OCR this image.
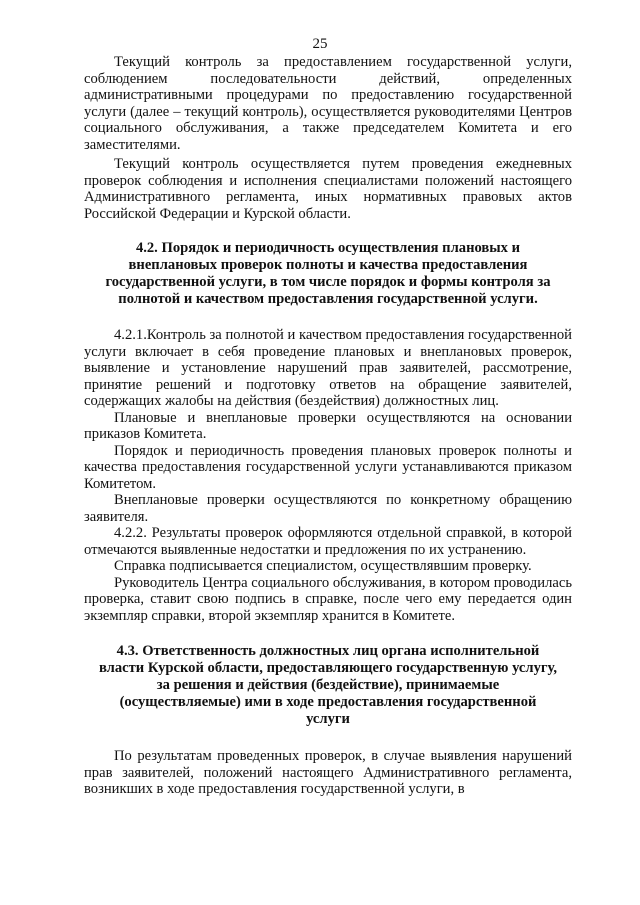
25

Текущий контроль за предоставлением государственной услуги, соблюдением последовательности действий, определенных административными процедурами по предоставлению государственной услуги (далее – текущий контроль), осуществляется руководителями Центров социального обслуживания, а также председателем Комитета и его заместителями.

Текущий контроль осуществляется путем проведения ежедневных проверок соблюдения и исполнения специалистами положений настоящего Административного регламента, иных нормативных правовых актов Российской Федерации и Курской области.

4.2. Порядок и периодичность осуществления плановых и внеплановых проверок полноты и качества предоставления государственной услуги, в том числе порядок и формы контроля за полнотой и качеством предоставления государственной услуги.

4.2.1.Контроль за полнотой и качеством предоставления государственной услуги включает в себя проведение плановых и внеплановых проверок, выявление и установление нарушений прав заявителей, рассмотрение, принятие решений и подготовку ответов на обращение заявителей, содержащих жалобы на действия (бездействия) должностных лиц.

Плановые и внеплановые проверки осуществляются на основании приказов Комитета.

Порядок и периодичность проведения плановых проверок полноты и качества предоставления государственной услуги устанавливаются приказом Комитетом.

Внеплановые проверки осуществляются по конкретному обращению заявителя.

4.2.2. Результаты проверок оформляются отдельной справкой, в которой отмечаются выявленные недостатки и предложения по их устранению.

Справка подписывается специалистом, осуществлявшим проверку.

Руководитель Центра социального обслуживания, в котором проводилась проверка, ставит свою подпись в справке, после чего ему передается один экземпляр справки, второй экземпляр хранится в Комитете.

4.3. Ответственность должностных лиц органа исполнительной власти Курской области, предоставляющего государственную услугу, за решения и действия (бездействие), принимаемые (осуществляемые) ими в ходе предоставления государственной услуги

По результатам проведенных проверок, в случае выявления нарушений прав заявителей, положений настоящего Административного регламента, возникших в ходе предоставления государственной услуги, в
